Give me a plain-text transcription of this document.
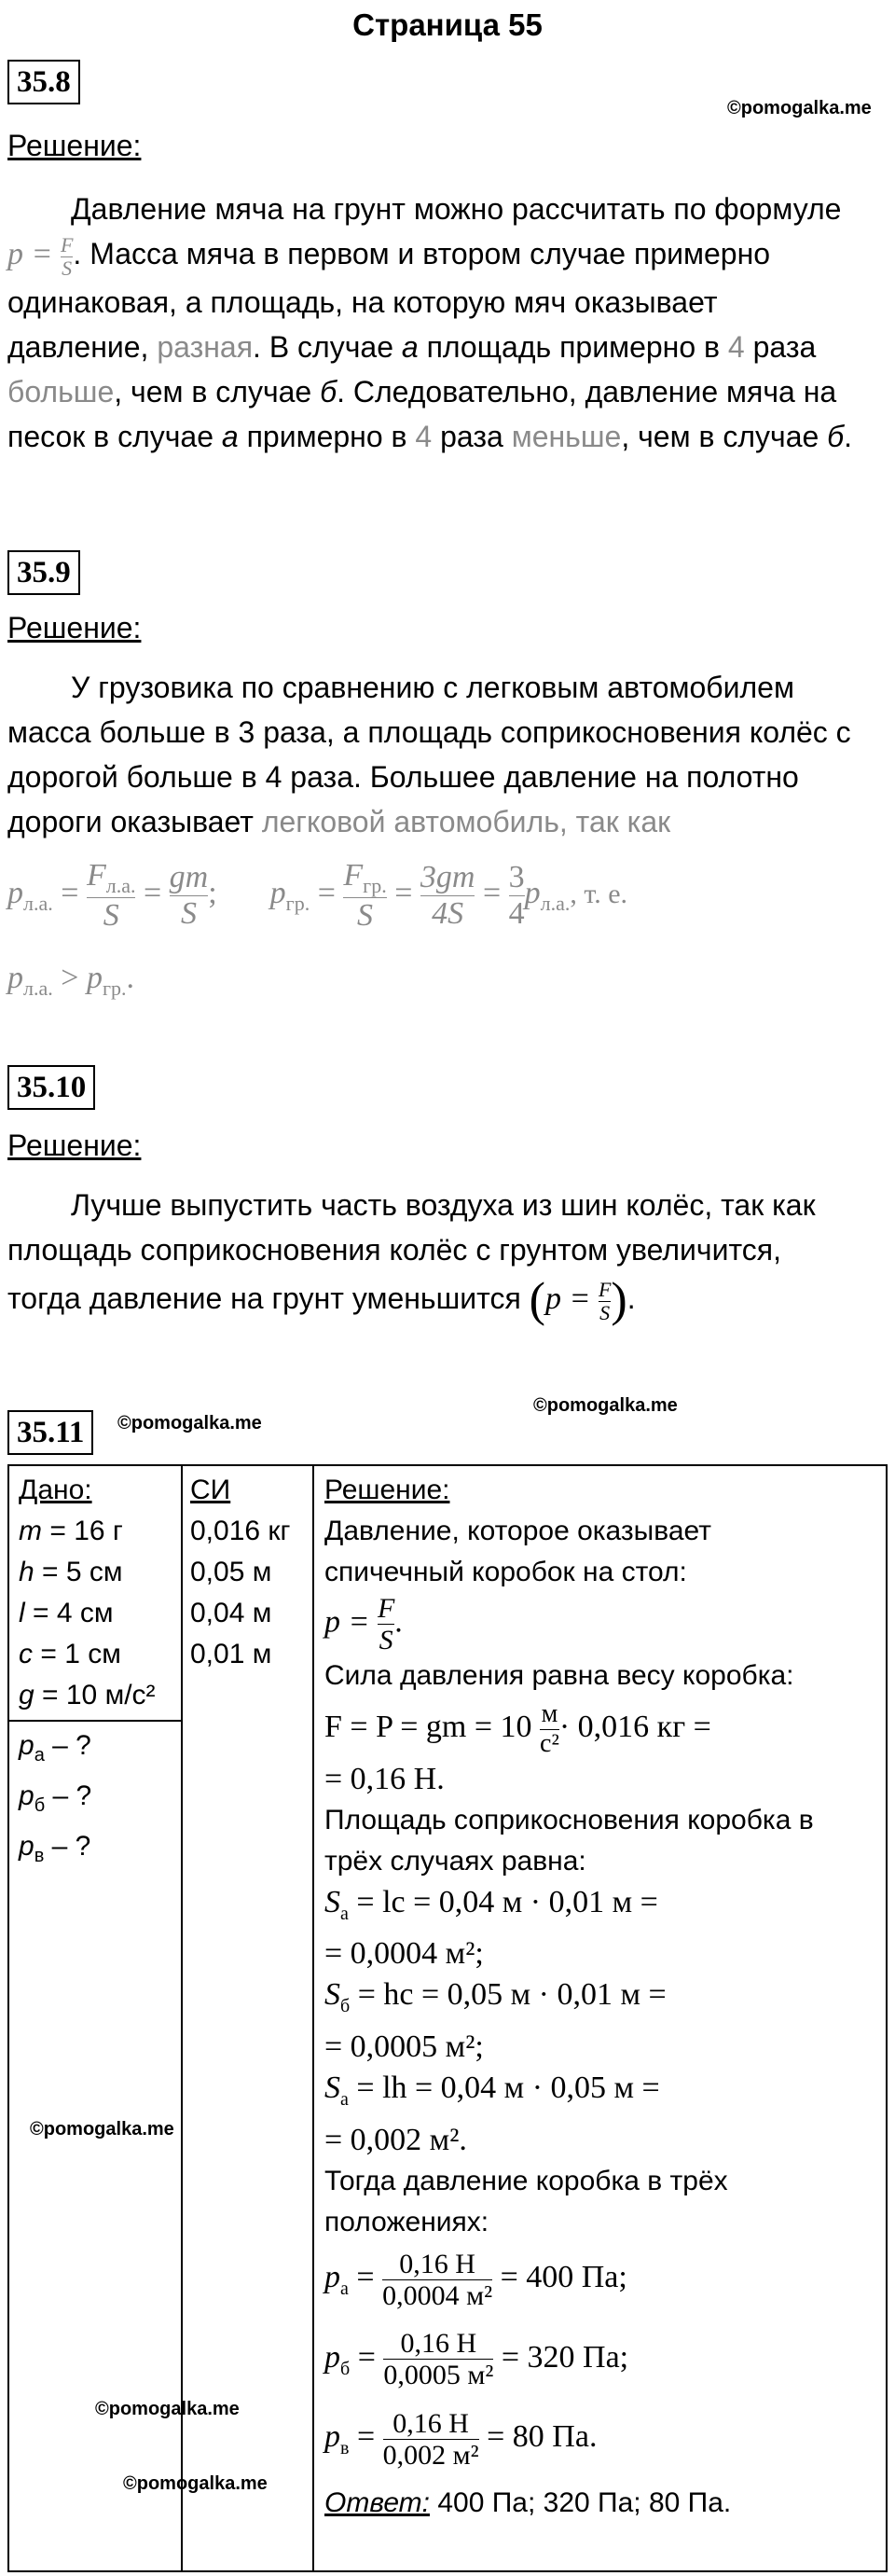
Страница 55
35.8
©pomogalka.me
Решение:
Давление мяча на грунт можно рассчитать по формуле
$p = \frac{F}{S}$ . Масса мяча в первом и втором случае примерно
одинаковая, а площадь, на которую мяч оказывает
давление, разная. В случае а площадь примерно в 4 раза
больше, чем в случае б. Следовательно, давление мяча на
песок в случае а примерно в 4 раза меньше, чем в случае б.
35.9
Решение:
У грузовика по сравнению с легковым автомобилем
масса больше в 3 раза, а площадь соприкосновения колёс с
дорогой больше в 4 раза. Большее давление на полотно
дороги оказывает легковой автомобиль, так как
$p_{л.а.} = \frac{F_{л.а.}}{S} = \frac{gm}{S}$ ; $p_{гр.} = \frac{F_{гр.}}{S} = \frac{3gm}{4S} = \frac{3}{4} p_{л.а.}$, т. е.
$p_{л.а.} > p_{гр.}$.
35.10
Решение:
Лучше выпустить часть воздуха из шин колёс, так как
площадь соприкосновения колёс с грунтом увеличится,
тогда давление на грунт уменьшится ($p = \frac{F}{S}$ ).
35.11	©pomogalka.me
©pomogalka.me
Дано:
m = 16 г
h = 5 см
l = 4 см
c = 1 см
g = 10 м/с²
$p_а$ – ?
$p_б$ – ?
$p_в$ – ?
©pomogalka.me
©pomogalka.me
©pomogalka.me
СИ
0,016 кг
0,05 м
0,04 м
0,01 м
Решение:
Давление, которое оказывает
спичечный коробок на стол:
$p = \frac{F}{S}$ .
Сила давления равна весу коробка:
F = P = gm = $10 \frac{м}{\text{с²}} \cdot 0,016$ кг =
= 0,16 Н.
Площадь соприкосновения коробка в
трёх случаях равна:
$S_а$ = lc = 0,04 м · 0,01 м =
= 0,0004 м²;
$S_б$ = hc = 0,05 м · 0,01 м =
= 0,0005 м²;
$S_а$ = lh = 0,04 м · 0,05 м =
= 0,002 м².
Тогда давление коробка в трёх
положениях:
$p_а = \frac{0,16 Н}{\text{0,0004 м²}} = 400$ Па;
$p_б = \frac{0,16 Н}{\text{0,0005 м²}} = 320$ Па;
$p_в = \frac{0,16 Н}{\text{0,002 м²}} = 80$ Па.
Ответ: 400 Па; 320 Па; 80 Па.
